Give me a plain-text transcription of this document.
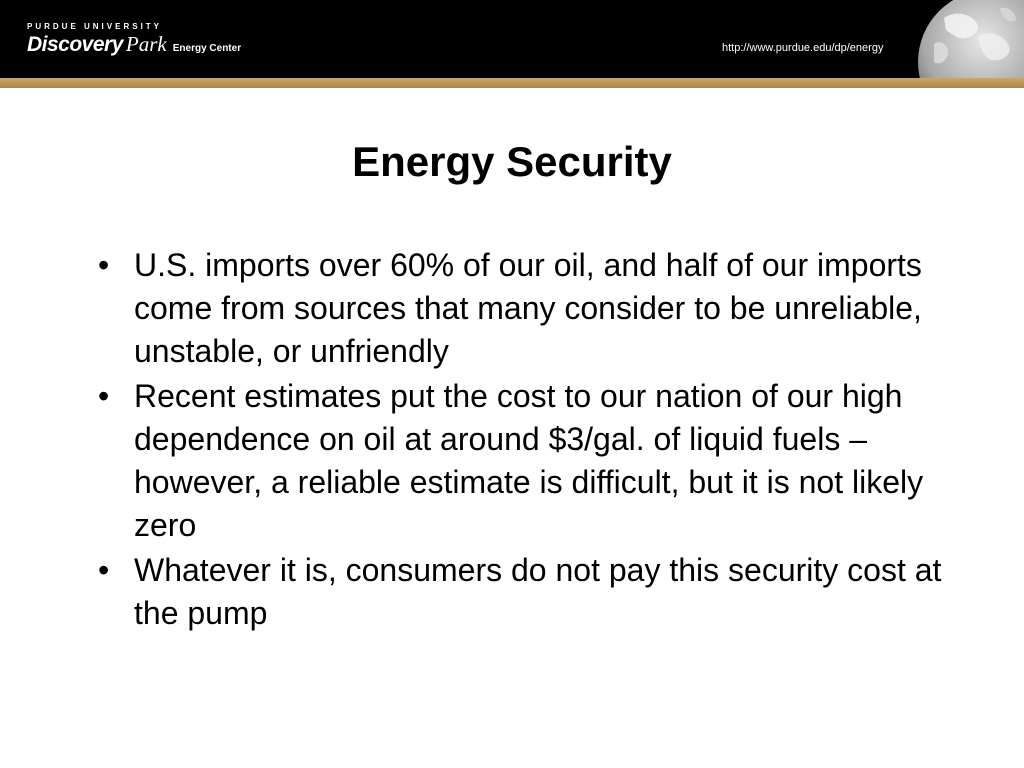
PURDUE UNIVERSITY
Discovery Park Energy Center	http://www.purdue.edu/dp/energy
Energy Security
• U.S. imports over 60% of our oil, and half of our imports come from sources that many consider to be unreliable, unstable, or unfriendly
• Recent estimates put the cost to our nation of our high dependence on oil at around $3/gal. of liquid fuels – however, a reliable estimate is difficult, but it is not likely zero
• Whatever it is, consumers do not pay this security cost at the pump
